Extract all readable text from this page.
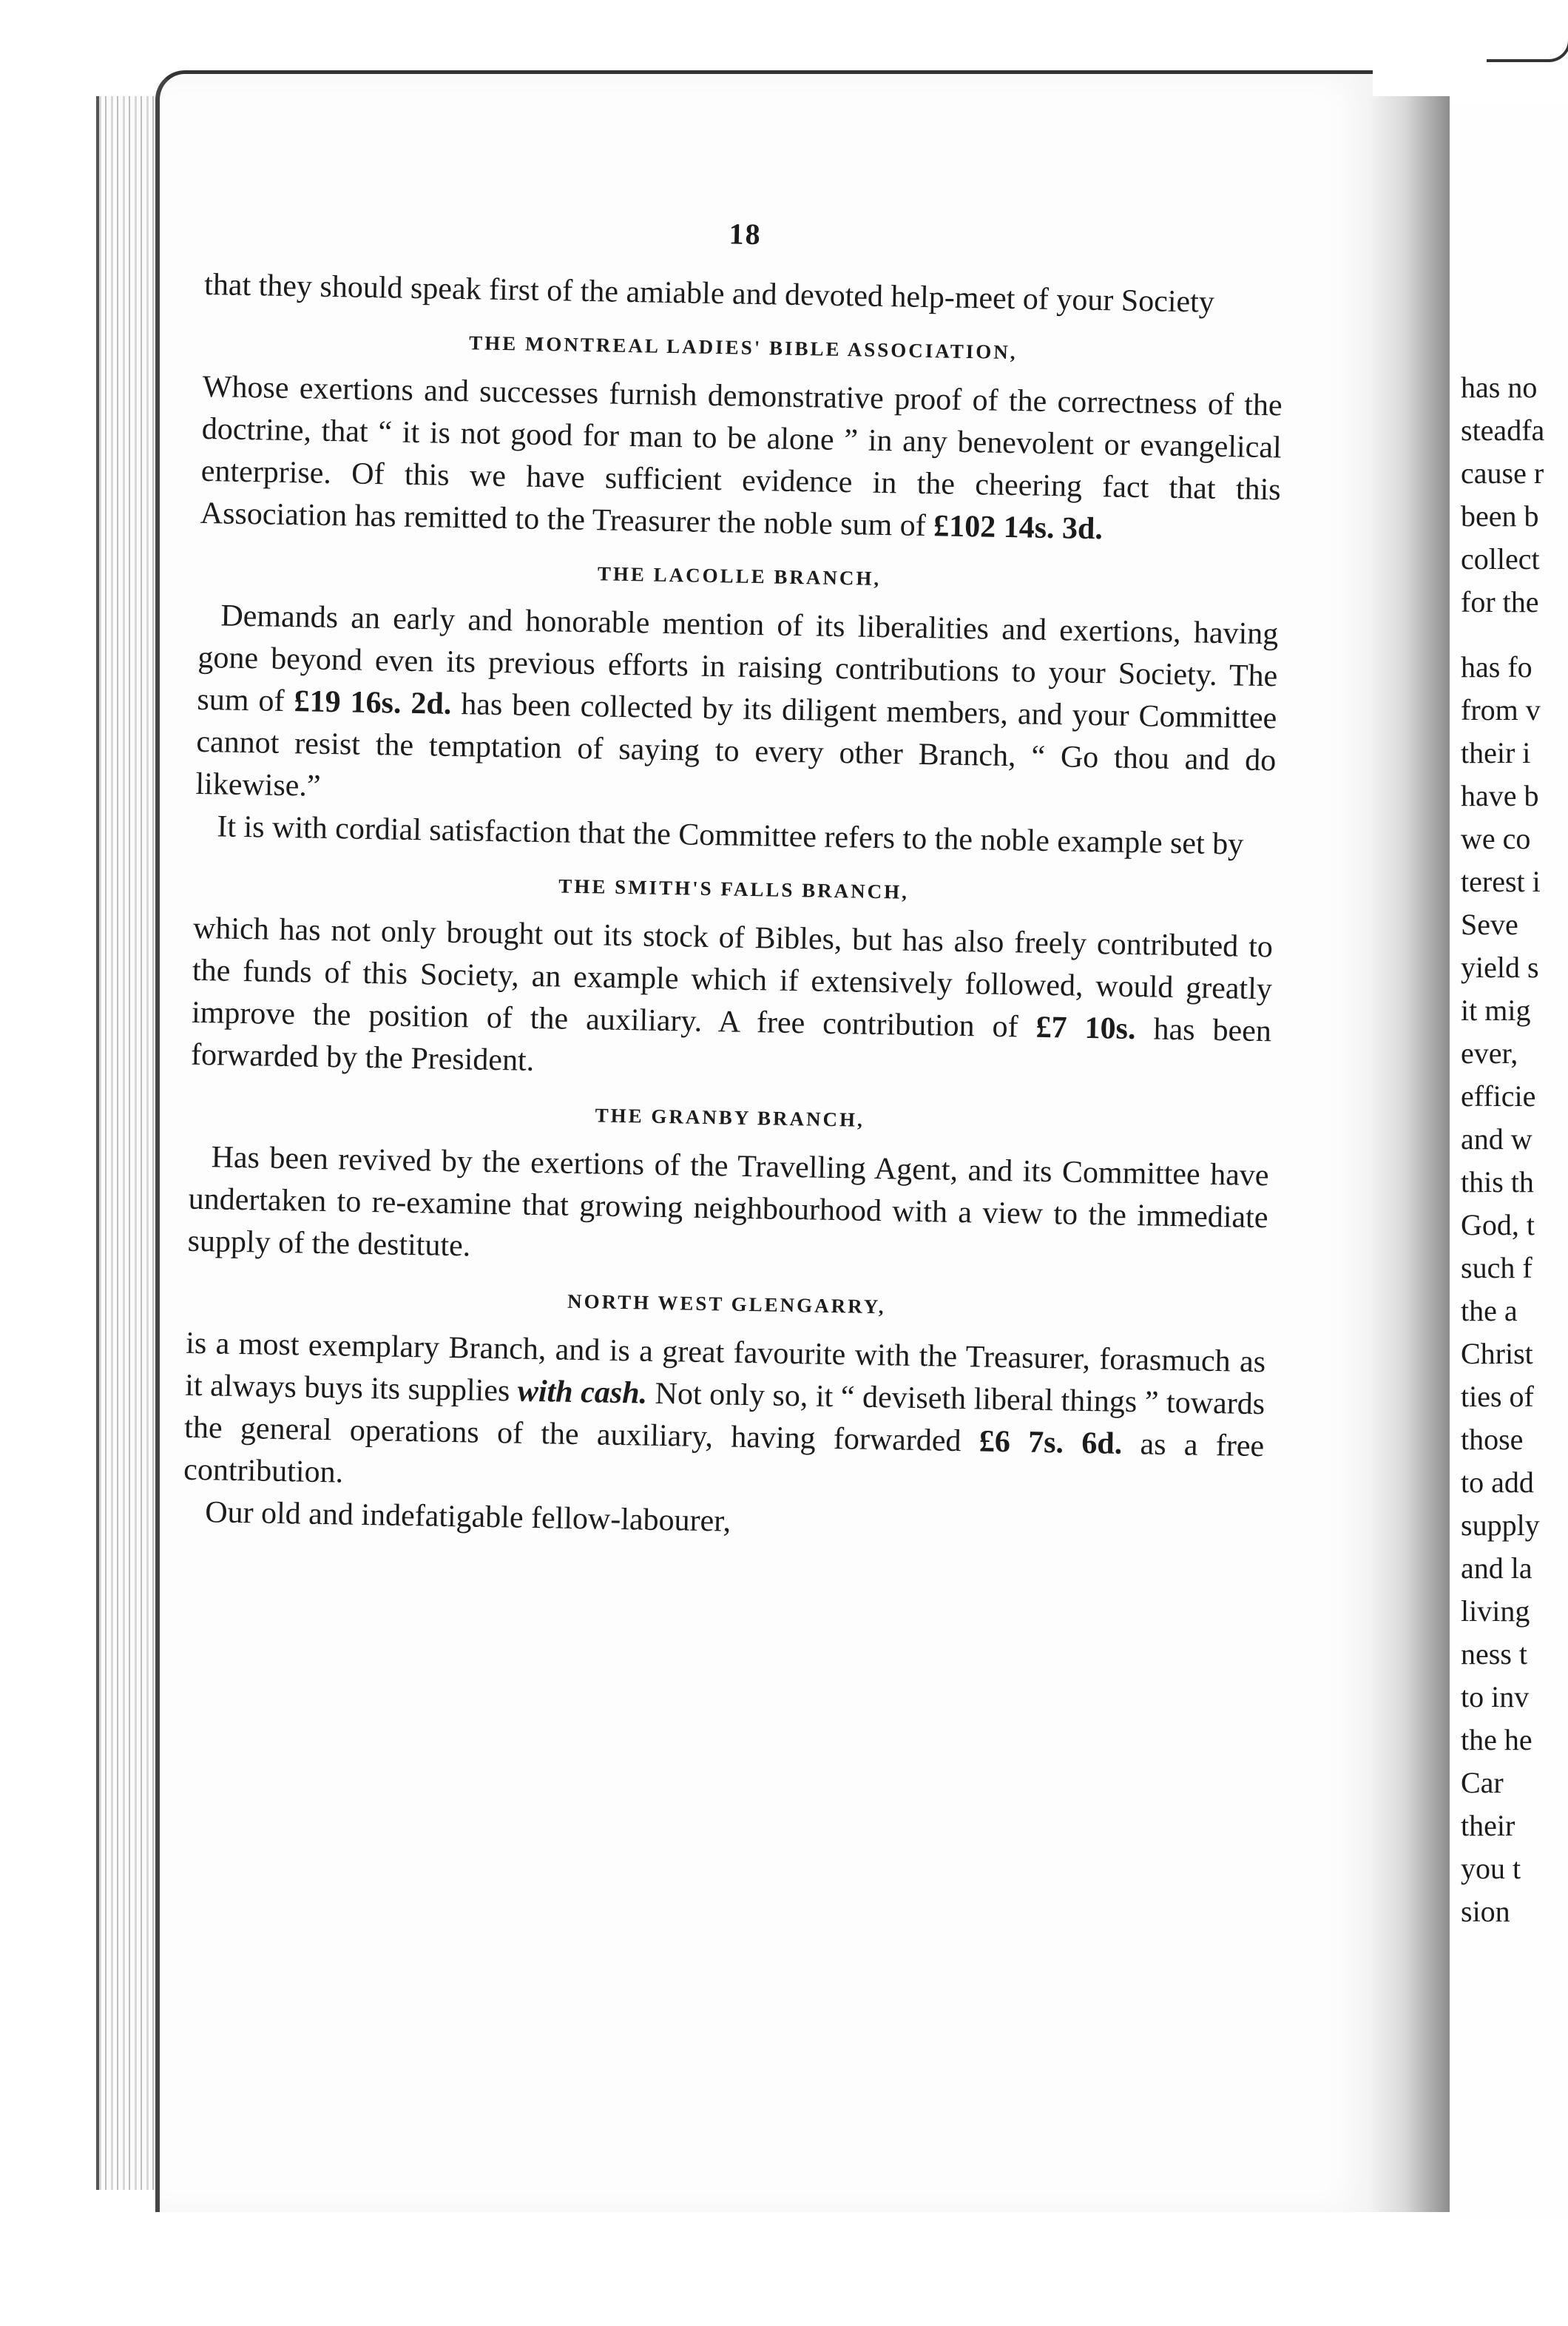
18

that they should speak first of the amiable and devoted help-meet of your Society

THE MONTREAL LADIES' BIBLE ASSOCIATION,

Whose exertions and successes furnish demonstrative proof of the correctness of the doctrine, that “ it is not good for man to be alone ” in any benevolent or evangelical enterprise. Of this we have sufficient evidence in the cheering fact that this Association has remitted to the Treasurer the noble sum of £102 14s. 3d.

THE LACOLLE BRANCH,

Demands an early and honorable mention of its liberalities and exertions, having gone beyond even its previous efforts in raising contributions to your Society. The sum of £19 16s. 2d. has been collected by its diligent members, and your Committee cannot resist the temptation of saying to every other Branch, “ Go thou and do likewise.”

It is with cordial satisfaction that the Committee refers to the noble example set by

THE SMITH'S FALLS BRANCH,

which has not only brought out its stock of Bibles, but has also freely contributed to the funds of this Society, an example which if extensively followed, would greatly improve the position of the auxiliary. A free contribution of £7 10s. has been forwarded by the President.

THE GRANBY BRANCH,

Has been revived by the exertions of the Travelling Agent, and its Committee have undertaken to re-examine that growing neighbourhood with a view to the immediate supply of the destitute.

NORTH WEST GLENGARRY,

is a most exemplary Branch, and is a great favourite with the Treasurer, forasmuch as it always buys its supplies with cash. Not only so, it “ deviseth liberal things ” towards the general operations of the auxiliary, having forwarded £6 7s. 6d. as a free contribution.

Our old and indefatigable fellow-labourer,

has no
steadfa
cause r
been b
collect
for the
has fo
from v
their i
have b
we co
terest i
Seve
yield s
it mig
ever,
efficie
and w
this th
God, t
such f
the a
Christ
ties of
those
to add
supply
and la
living
ness t
to inv
the he
Car
their
you t
sion
